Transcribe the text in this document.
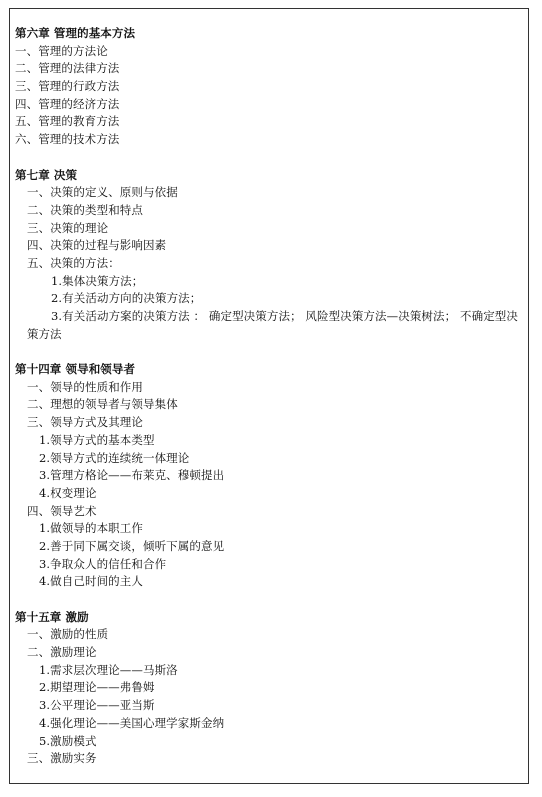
第六章 管理的基本方法
一、管理的方法论
二、管理的法律方法
三、管理的行政方法
四、管理的经济方法
五、管理的教育方法
六、管理的技术方法
第七章 决策
一、决策的定义、原则与依据
二、决策的类型和特点
三、决策的理论
四、决策的过程与影响因素
五、决策的方法：
1.集体决策方法；
2.有关活动方向的决策方法；
3.有关活动方案的决策方法 ： 确定型决策方法； 风险型决策方法—决策树法； 不确定型决
策方法
第十四章 领导和领导者
一、领导的性质和作用
二、理想的领导者与领导集体
三、领导方式及其理论
1.领导方式的基本类型
2.领导方式的连续统一体理论
3.管理方格论——布莱克、穆顿提出
4.权变理论
四、领导艺术
1.做领导的本职工作
2.善于同下属交谈，倾听下属的意见
3.争取众人的信任和合作
4.做自己时间的主人
第十五章 激励
一、激励的性质
二、激励理论
1.需求层次理论——马斯洛
2.期望理论——弗鲁姆
3.公平理论——亚当斯
4.强化理论——美国心理学家斯金纳
5.激励模式
三、激励实务
